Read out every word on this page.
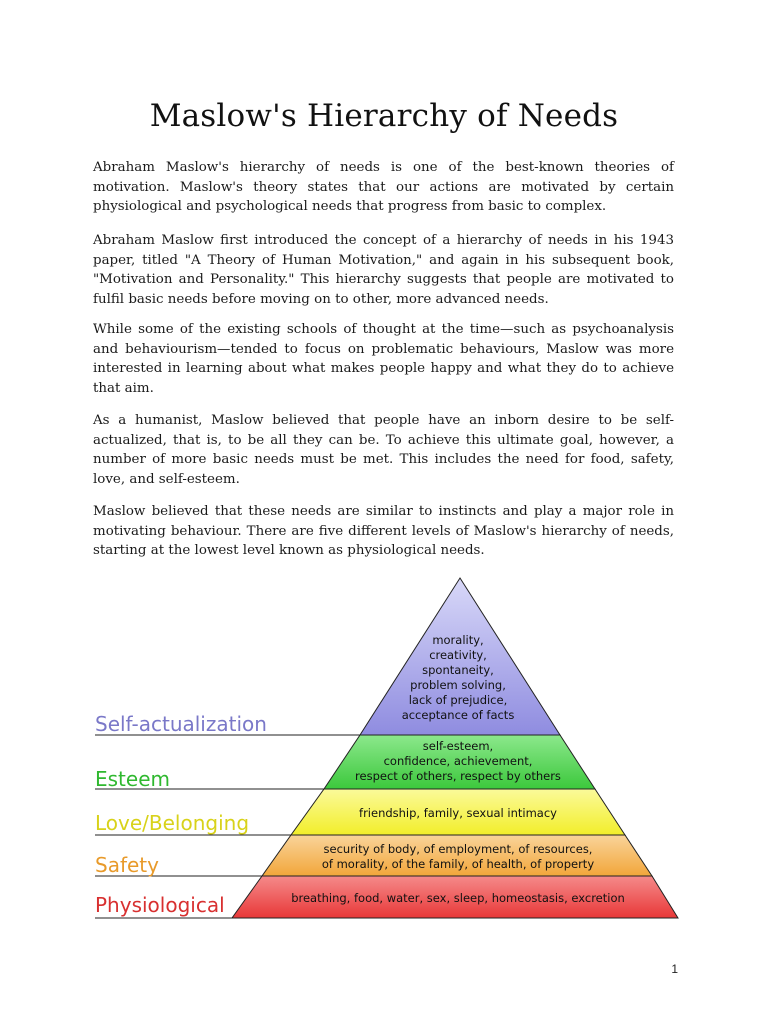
Maslow's Hierarchy of Needs

Abraham Maslow's hierarchy of needs is one of the best-known theories of motivation. Maslow's theory states that our actions are motivated by certain physiological and psychological needs that progress from basic to complex.

Abraham Maslow first introduced the concept of a hierarchy of needs in his 1943 paper, titled "A Theory of Human Motivation," and again in his subsequent book, "Motivation and Personality." This hierarchy suggests that people are motivated to fulfil basic needs before moving on to other, more advanced needs.

While some of the existing schools of thought at the time—such as psychoanalysis and behaviourism—tended to focus on problematic behaviours, Maslow was more interested in learning about what makes people happy and what they do to achieve that aim.

As a humanist, Maslow believed that people have an inborn desire to be self-actualized, that is, to be all they can be. To achieve this ultimate goal, however, a number of more basic needs must be met. This includes the need for food, safety, love, and self-esteem.

Maslow believed that these needs are similar to instincts and play a major role in motivating behaviour. There are five different levels of Maslow's hierarchy of needs, starting at the lowest level known as physiological needs.

morality,
creativity,
spontaneity,
problem solving,
lack of prejudice,
acceptance of facts
self-esteem,
confidence, achievement,
respect of others, respect by others
friendship, family, sexual intimacy
security of body, of employment, of resources,
of morality, of the family, of health, of property
breathing, food, water, sex, sleep, homeostasis, excretion
Self-actualization
Esteem
Love/Belonging
Safety
Physiological
1
